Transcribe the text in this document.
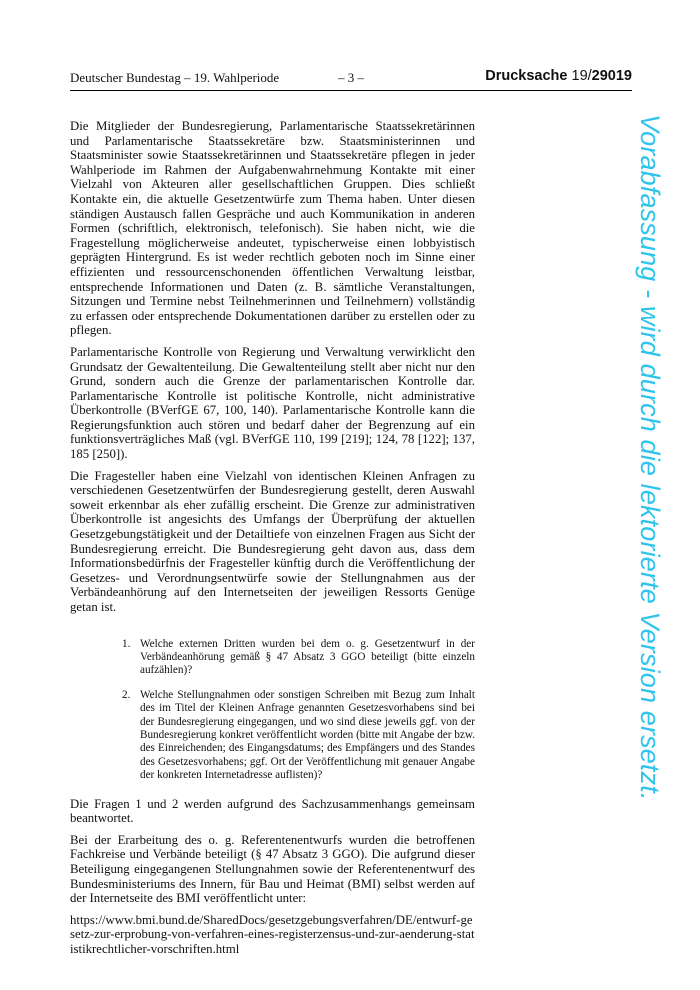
Deutscher Bundestag – 19. Wahlperiode	– 3 –	Drucksache 19/29019

Die Mitglieder der Bundesregierung, Parlamentarische Staatssekretärinnen und Parlamentarische Staatssekretäre bzw. Staatsministerinnen und Staatsminister sowie Staatssekretärinnen und Staatssekretäre pflegen in jeder Wahlperiode im Rahmen der Aufgabenwahrnehmung Kontakte mit einer Vielzahl von Akteuren aller gesellschaftlichen Gruppen. Dies schließt Kontakte ein, die aktuelle Gesetzentwürfe zum Thema haben. Unter diesen ständigen Austausch fallen Gespräche und auch Kommunikation in anderen Formen (schriftlich, elektronisch, telefonisch). Sie haben nicht, wie die Fragestellung möglicherweise andeutet, typischerweise einen lobbyistisch geprägten Hintergrund. Es ist weder rechtlich geboten noch im Sinne einer effizienten und ressourcenschonenden öffentlichen Verwaltung leistbar, entsprechende Informationen und Daten (z. B. sämtliche Veranstaltungen, Sitzungen und Termine nebst Teilnehmerinnen und Teilnehmern) vollständig zu erfassen oder entsprechende Dokumentationen darüber zu erstellen oder zu pflegen.

Parlamentarische Kontrolle von Regierung und Verwaltung verwirklicht den Grundsatz der Gewaltenteilung. Die Gewaltenteilung stellt aber nicht nur den Grund, sondern auch die Grenze der parlamentarischen Kontrolle dar. Parlamentarische Kontrolle ist politische Kontrolle, nicht administrative Überkontrolle (BVerfGE 67, 100, 140). Parlamentarische Kontrolle kann die Regierungsfunktion auch stören und bedarf daher der Begrenzung auf ein funktionsverträgliches Maß (vgl. BVerfGE 110, 199 [219]; 124, 78 [122]; 137, 185 [250]).

Die Fragesteller haben eine Vielzahl von identischen Kleinen Anfragen zu verschiedenen Gesetzentwürfen der Bundesregierung gestellt, deren Auswahl soweit erkennbar als eher zufällig erscheint. Die Grenze zur administrativen Überkontrolle ist angesichts des Umfangs der Überprüfung der aktuellen Gesetzgebungstätigkeit und der Detailtiefe von einzelnen Fragen aus Sicht der Bundesregierung erreicht. Die Bundesregierung geht davon aus, dass dem Informationsbedürfnis der Fragesteller künftig durch die Veröffentlichung der Gesetzes- und Verordnungsentwürfe sowie der Stellungnahmen aus der Verbändeanhörung auf den Internetseiten der jeweiligen Ressorts Genüge getan ist.

1. Welche externen Dritten wurden bei dem o. g. Gesetzentwurf in der Verbändeanhörung gemäß § 47 Absatz 3 GGO beteiligt (bitte einzeln aufzählen)?
2. Welche Stellungnahmen oder sonstigen Schreiben mit Bezug zum Inhalt des im Titel der Kleinen Anfrage genannten Gesetzesvorhabens sind bei der Bundesregierung eingegangen, und wo sind diese jeweils ggf. von der Bundesregierung konkret veröffentlicht worden (bitte mit Angabe der bzw. des Einreichenden; des Eingangsdatums; des Empfängers und des Standes des Gesetzesvorhabens; ggf. Ort der Veröffentlichung mit genauer Angabe der konkreten Internetadresse auflisten)?

Die Fragen 1 und 2 werden aufgrund des Sachzusammenhangs gemeinsam beantwortet.

Bei der Erarbeitung des o. g. Referentenentwurfs wurden die betroffenen Fachkreise und Verbände beteiligt (§ 47 Absatz 3 GGO). Die aufgrund dieser Beteiligung eingegangenen Stellungnahmen sowie der Referentenentwurf des Bundesministeriums des Innern, für Bau und Heimat (BMI) selbst werden auf der Internetseite des BMI veröffentlicht unter:

https://www.bmi.bund.de/SharedDocs/gesetzgebungsverfahren/DE/entwurf-gesetz-zur-erprobung-von-verfahren-eines-registerzensus-und-zur-aenderung-statistikrechtlicher-vorschriften.html

Vorabfassung - wird durch die lektorierte Version ersetzt.
